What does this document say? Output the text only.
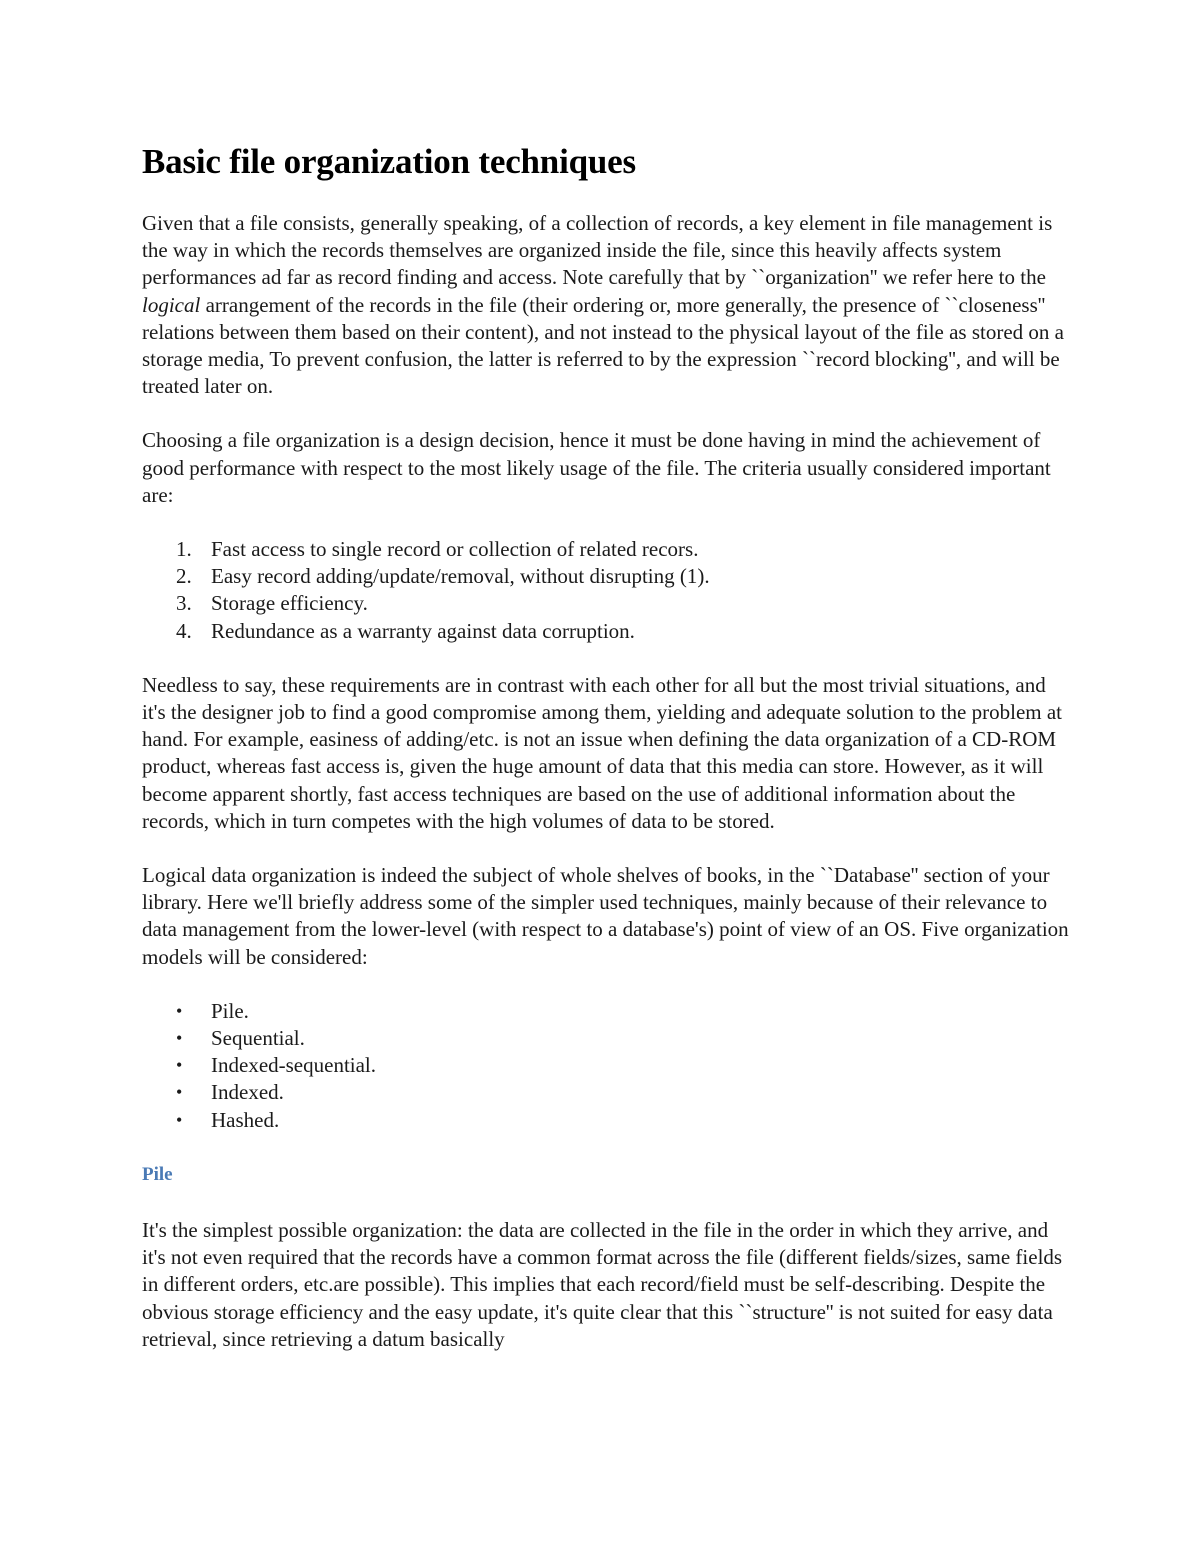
Basic file organization techniques

Given that a file consists, generally speaking, of a collection of records, a key element in file management is the way in which the records themselves are organized inside the file, since this heavily affects system performances ad far as record finding and access. Note carefully that by ``organization'' we refer here to the logical arrangement of the records in the file (their ordering or, more generally, the presence of ``closeness'' relations between them based on their content), and not instead to the physical layout of the file as stored on a storage media, To prevent confusion, the latter is referred to by the expression ``record blocking'', and will be treated later on.

Choosing a file organization is a design decision, hence it must be done having in mind the achievement of good performance with respect to the most likely usage of the file. The criteria usually considered important are:

1. Fast access to single record or collection of related recors.
2. Easy record adding/update/removal, without disrupting (1).
3. Storage efficiency.
4. Redundance as a warranty against data corruption.

Needless to say, these requirements are in contrast with each other for all but the most trivial situations, and it's the designer job to find a good compromise among them, yielding and adequate solution to the problem at hand. For example, easiness of adding/etc. is not an issue when defining the data organization of a CD-ROM product, whereas fast access is, given the huge amount of data that this media can store. However, as it will become apparent shortly, fast access techniques are based on the use of additional information about the records, which in turn competes with the high volumes of data to be stored.

Logical data organization is indeed the subject of whole shelves of books, in the ``Database'' section of your library. Here we'll briefly address some of the simpler used techniques, mainly because of their relevance to data management from the lower-level (with respect to a database's) point of view of an OS. Five organization models will be considered:

• Pile.
• Sequential.
• Indexed-sequential.
• Indexed.
• Hashed.
Pile

It's the simplest possible organization: the data are collected in the file in the order in which they arrive, and it's not even required that the records have a common format across the file (different fields/sizes, same fields in different orders, etc.are possible). This implies that each record/field must be self-describing. Despite the obvious storage efficiency and the easy update, it's quite clear that this ``structure'' is not suited for easy data retrieval, since retrieving a datum basically
